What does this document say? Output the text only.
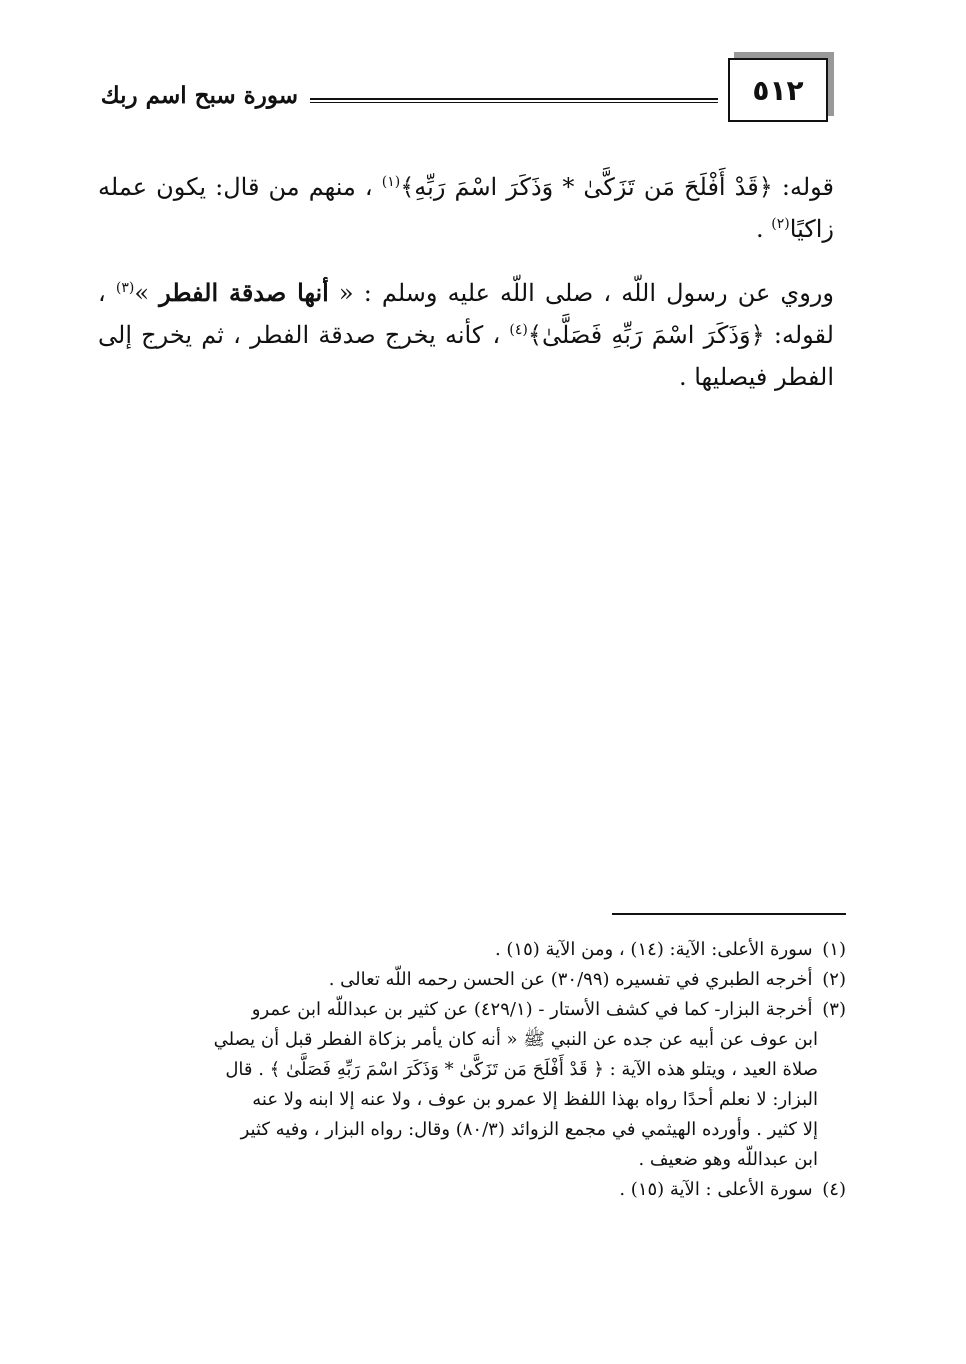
٥١٢
سورة سبح اسم ربك

قوله: ﴿قَدْ أَفْلَحَ مَن تَزَكَّىٰ * وَذَكَرَ اسْمَ رَبِّهِ﴾$^{(١)}$ ، منهم من قال: يكون عمله زاكيًا$^{(٢)}$ .

وروي عن رسول اللّه ، صلى اللّه عليه وسلم : « أنها صدقة الفطر »$^{(٣)}$ ، لقوله: ﴿وَذَكَرَ اسْمَ رَبِّهِ فَصَلَّىٰ﴾$^{(٤)}$ ، كأنه يخرج صدقة الفطر ، ثم يخرج إلى الفطر فيصليها .

(١) سورة الأعلى: الآية: (١٤) ، ومن الآية (١٥) .

(٢) أخرجه الطبري في تفسيره (٣٠/٩٩) عن الحسن رحمه اللّه تعالى .

(٣) أخرجة البزار- كما في كشف الأستار - (٤٢٩/١) عن كثير بن عبداللّه ابن عمرو

ابن عوف عن أبيه عن جده عن النبي ﷺ « أنه كان يأمر بزكاة الفطر قبل أن يصلي

صلاة العيد ، ويتلو هذه الآية : ﴿ قَدْ أَفْلَحَ مَن تَزَكَّىٰ * وَذَكَرَ اسْمَ رَبِّهِ فَصَلَّىٰ ﴾ . قال

البزار: لا نعلم أحدًا رواه بهذا اللفظ إلا عمرو بن عوف ، ولا عنه إلا ابنه ولا عنه

إلا كثير . وأورده الهيثمي في مجمع الزوائد (٨٠/٣) وقال: رواه البزار ، وفيه كثير

ابن عبداللّه وهو ضعيف .

(٤) سورة الأعلى : الآية (١٥) .
